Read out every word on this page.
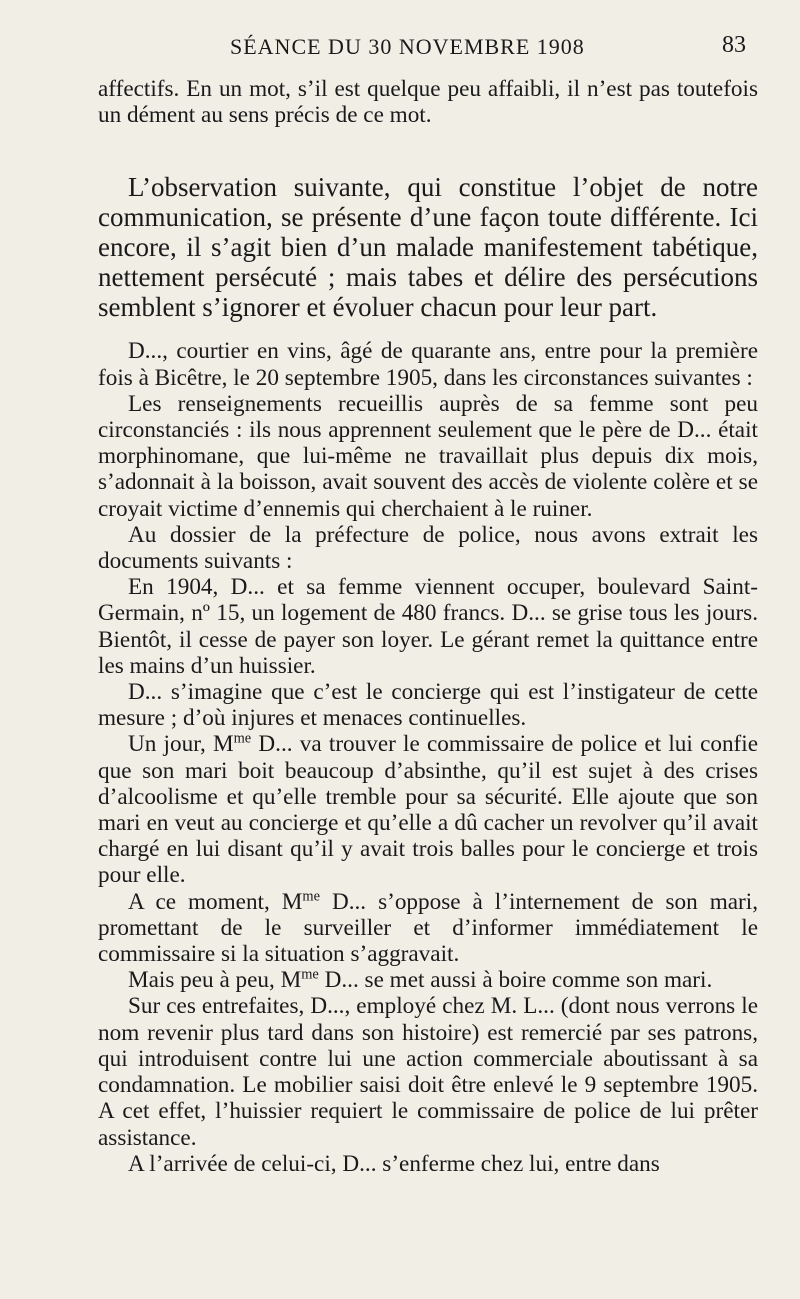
SÉANCE DU 30 NOVEMBRE 1908	83

affectifs. En un mot, s’il est quelque peu affaibli, il n’est pas toutefois un dément au sens précis de ce mot.

L’observation suivante, qui constitue l’objet de notre communication, se présente d’une façon toute différente. Ici encore, il s’agit bien d’un malade manifestement tabétique, nettement persécuté ; mais tabes et délire des persécutions semblent s’ignorer et évoluer chacun pour leur part.

D..., courtier en vins, âgé de quarante ans, entre pour la première fois à Bicêtre, le 20 septembre 1905, dans les circonstances suivantes :

Les renseignements recueillis auprès de sa femme sont peu circonstanciés : ils nous apprennent seulement que le père de D... était morphinomane, que lui-même ne travaillait plus depuis dix mois, s’adonnait à la boisson, avait souvent des accès de violente colère et se croyait victime d’ennemis qui cherchaient à le ruiner.

Au dossier de la préfecture de police, nous avons extrait les documents suivants :

En 1904, D... et sa femme viennent occuper, boulevard Saint-Germain, nº 15, un logement de 480 francs. D... se grise tous les jours. Bientôt, il cesse de payer son loyer. Le gérant remet la quittance entre les mains d’un huissier.

D... s’imagine que c’est le concierge qui est l’instigateur de cette mesure ; d’où injures et menaces continuelles.

Un jour, $M^{me}$ D... va trouver le commissaire de police et lui confie que son mari boit beaucoup d’absinthe, qu’il est sujet à des crises d’alcoolisme et qu’elle tremble pour sa sécurité. Elle ajoute que son mari en veut au concierge et qu’elle a dû cacher un revolver qu’il avait chargé en lui disant qu’il y avait trois balles pour le concierge et trois pour elle.

A ce moment, $M^{me}$ D... s’oppose à l’internement de son mari, promettant de le surveiller et d’informer immédiatement le commissaire si la situation s’aggravait.

Mais peu à peu, $M^{me}$ D... se met aussi à boire comme son mari.

Sur ces entrefaites, D..., employé chez M. L... (dont nous verrons le nom revenir plus tard dans son histoire) est remercié par ses patrons, qui introduisent contre lui une action commerciale aboutissant à sa condamnation. Le mobilier saisi doit être enlevé le 9 septembre 1905. A cet effet, l’huissier requiert le commissaire de police de lui prêter assistance.

A l’arrivée de celui-ci, D... s’enferme chez lui, entre dans
